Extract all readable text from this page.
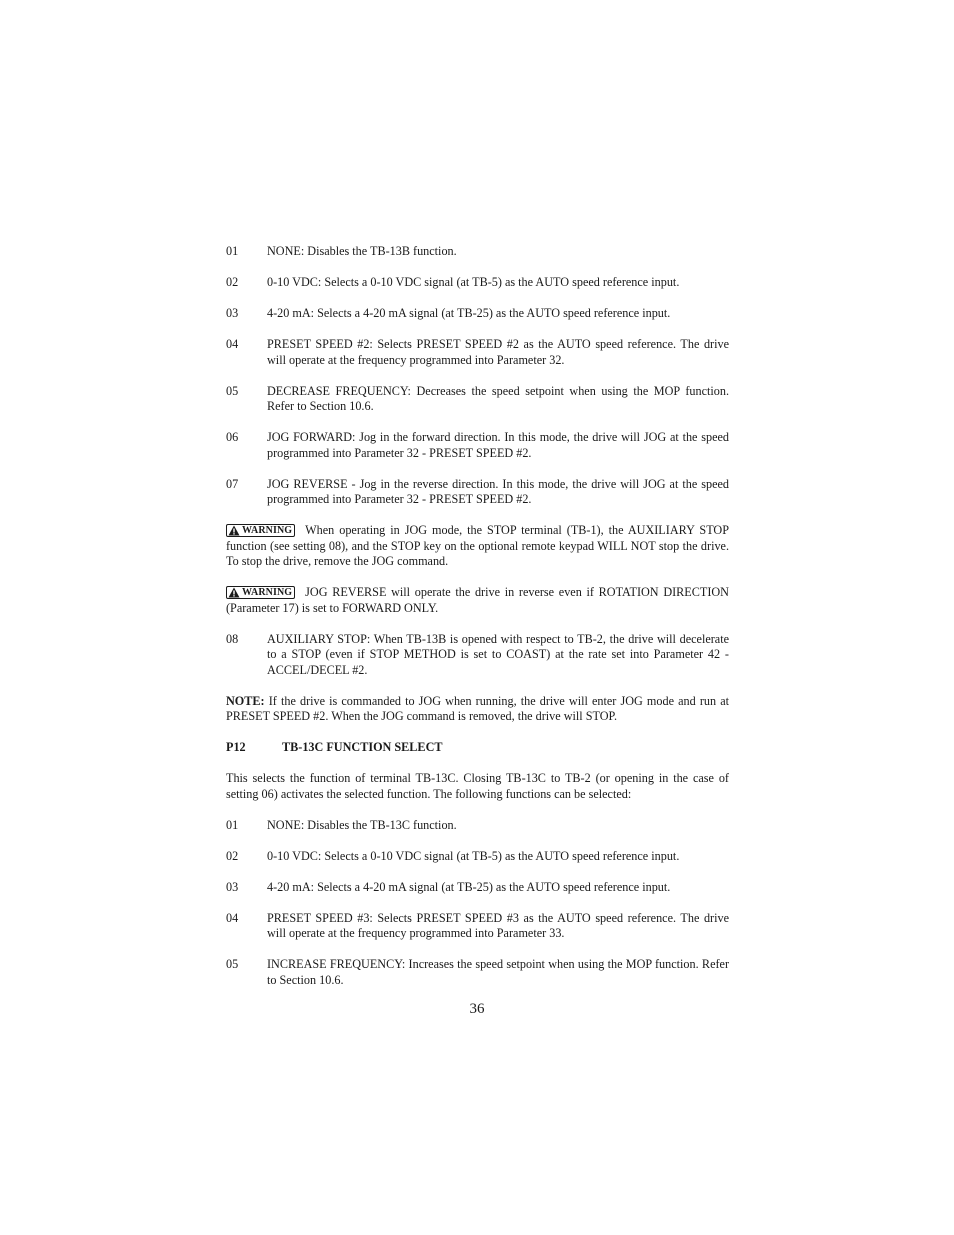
01 NONE: Disables the TB-13B function.
02 0-10 VDC: Selects a 0-10 VDC signal (at TB-5) as the AUTO speed reference input.
03 4-20 mA: Selects a 4-20 mA signal (at TB-25) as the AUTO speed reference input.
04 PRESET SPEED #2: Selects PRESET SPEED #2 as the AUTO speed reference. The drive will operate at the frequency programmed into Parameter 32.
05 DECREASE FREQUENCY: Decreases the speed setpoint when using the MOP function. Refer to Section 10.6.
06 JOG FORWARD: Jog in the forward direction. In this mode, the drive will JOG at the speed programmed into Parameter 32 - PRESET SPEED #2.
07 JOG REVERSE - Jog in the reverse direction. In this mode, the drive will JOG at the speed programmed into Parameter 32 - PRESET SPEED #2.

WARNING When operating in JOG mode, the STOP terminal (TB-1), the AUXILIARY STOP function (see setting 08), and the STOP key on the optional remote keypad WILL NOT stop the drive. To stop the drive, remove the JOG command.

WARNING JOG REVERSE will operate the drive in reverse even if ROTATION DIRECTION (Parameter 17) is set to FORWARD ONLY.

08 AUXILIARY STOP: When TB-13B is opened with respect to TB-2, the drive will decelerate to a STOP (even if STOP METHOD is set to COAST) at the rate set into Parameter 42 - ACCEL/DECEL #2.

NOTE: If the drive is commanded to JOG when running, the drive will enter JOG mode and run at PRESET SPEED #2. When the JOG command is removed, the drive will STOP.

P12	TB-13C FUNCTION SELECT

This selects the function of terminal TB-13C. Closing TB-13C to TB-2 (or opening in the case of setting 06) activates the selected function. The following functions can be selected:

01 NONE: Disables the TB-13C function.
02 0-10 VDC: Selects a 0-10 VDC signal (at TB-5) as the AUTO speed reference input.
03 4-20 mA: Selects a 4-20 mA signal (at TB-25) as the AUTO speed reference input.
04 PRESET SPEED #3: Selects PRESET SPEED #3 as the AUTO speed reference. The drive will operate at the frequency programmed into Parameter 33.
05 INCREASE FREQUENCY: Increases the speed setpoint when using the MOP function. Refer to Section 10.6.
36
